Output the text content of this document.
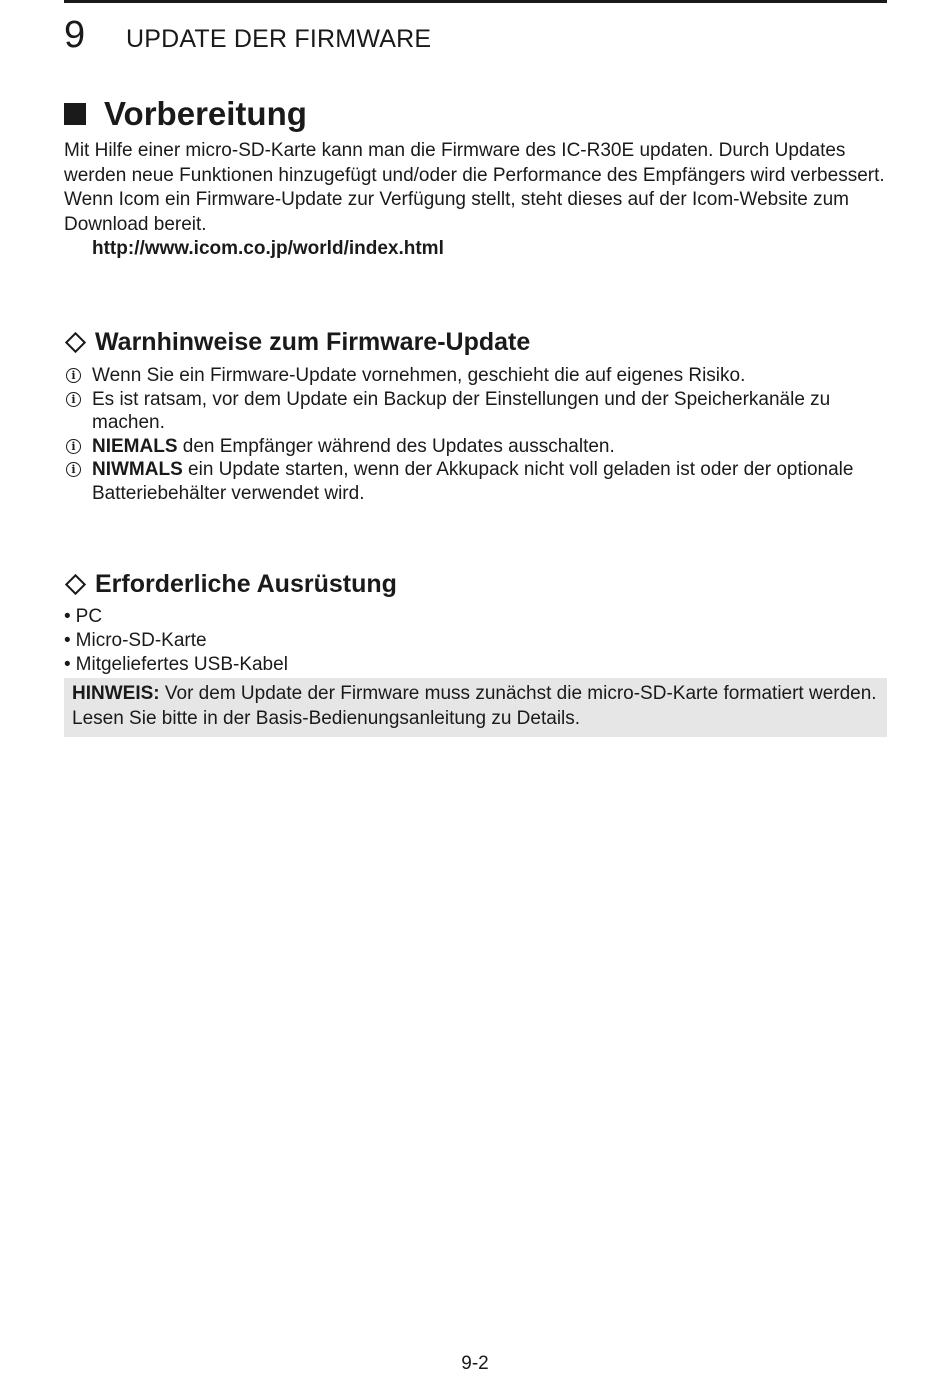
9	UPDATE DER FIRMWARE
Vorbereitung
Mit Hilfe einer micro-SD-Karte kann man die Firmware des IC-R30E updaten. Durch Updates werden neue Funktionen hinzugefügt und/oder die Performance des Empfängers wird verbessert. Wenn Icom ein Firmware-Update zur Verfügung stellt, steht dieses auf der Icom-Website zum Download bereit.
http://www.icom.co.jp/world/index.html
Warnhinweise zum Firmware-Update
i Wenn Sie ein Firmware-Update vornehmen, geschieht die auf eigenes Risiko.
i Es ist ratsam, vor dem Update ein Backup der Einstellungen und der Speicherkanäle zu machen.
i NIEMALS den Empfänger während des Updates ausschalten.
i NIWMALS ein Update starten, wenn der Akkupack nicht voll geladen ist oder der optionale Batteriebehälter verwendet wird.
Erforderliche Ausrüstung
• PC
• Micro-SD-Karte
• Mitgeliefertes USB-Kabel
HINWEIS: Vor dem Update der Firmware muss zunächst die micro-SD-Karte formatiert werden. Lesen Sie bitte in der Basis-Bedienungsanleitung zu Details.
9-2
